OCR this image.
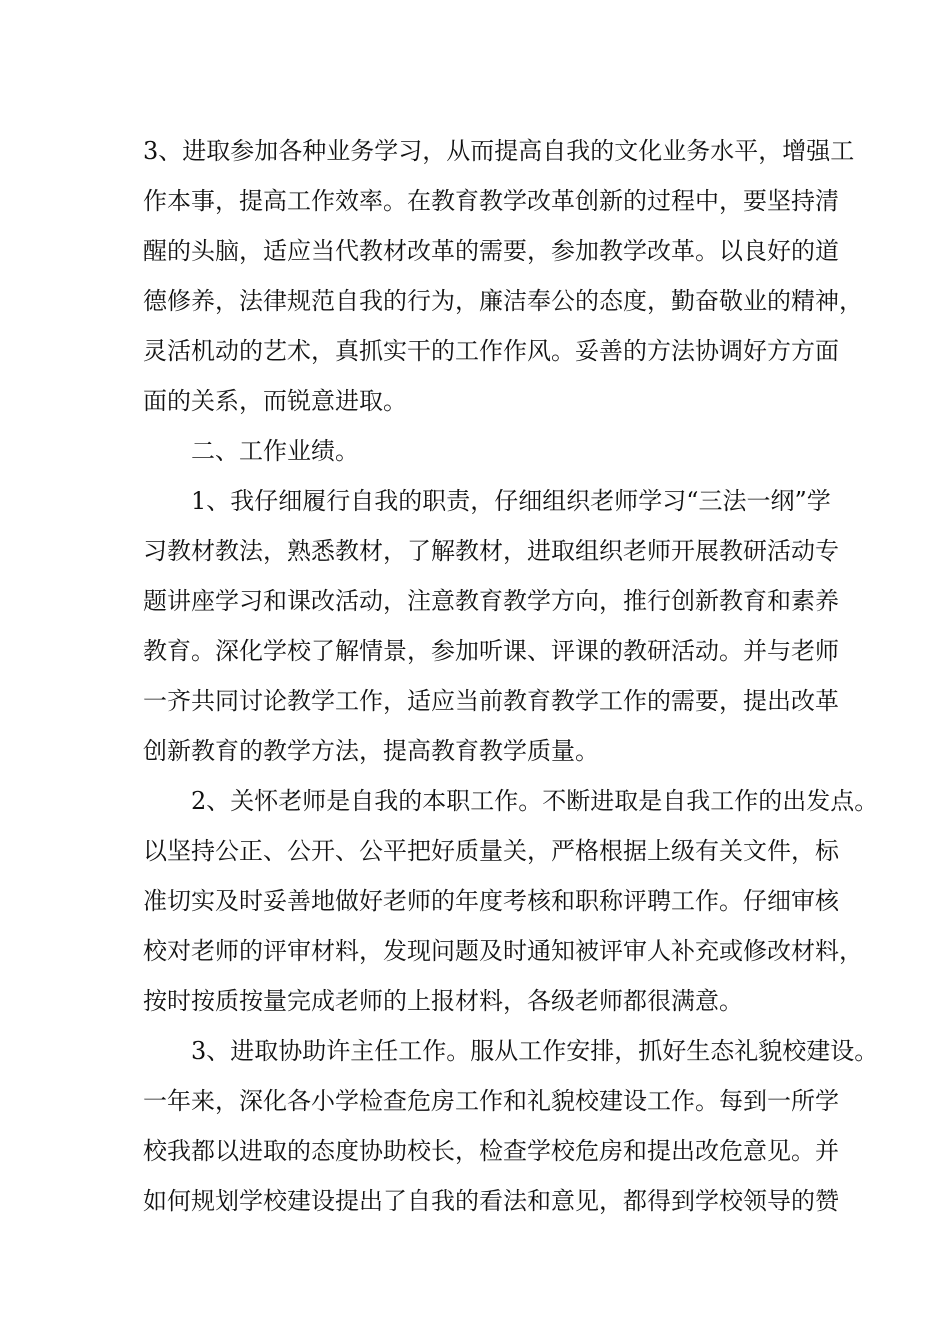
3、进取参加各种业务学习，从而提高自我的文化业务水平，增强工
作本事，提高工作效率。在教育教学改革创新的过程中，要坚持清
醒的头脑，适应当代教材改革的需要，参加教学改革。以良好的道
德修养，法律规范自我的行为，廉洁奉公的态度，勤奋敬业的精神，
灵活机动的艺术，真抓实干的工作作风。妥善的方法协调好方方面
面的关系，而锐意进取。
二、工作业绩。
1、我仔细履行自我的职责，仔细组织老师学习“三法一纲”学
习教材教法，熟悉教材，了解教材，进取组织老师开展教研活动专
题讲座学习和课改活动，注意教育教学方向，推行创新教育和素养
教育。深化学校了解情景，参加听课、评课的教研活动。并与老师
一齐共同讨论教学工作，适应当前教育教学工作的需要，提出改革
创新教育的教学方法，提高教育教学质量。
2、关怀老师是自我的本职工作。不断进取是自我工作的出发点。
以坚持公正、公开、公平把好质量关，严格根据上级有关文件，标
准切实及时妥善地做好老师的年度考核和职称评聘工作。仔细审核
校对老师的评审材料，发现问题及时通知被评审人补充或修改材料，
按时按质按量完成老师的上报材料，各级老师都很满意。
3、进取协助许主任工作。服从工作安排，抓好生态礼貌校建设。
一年来，深化各小学检查危房工作和礼貌校建设工作。每到一所学
校我都以进取的态度协助校长，检查学校危房和提出改危意见。并
如何规划学校建设提出了自我的看法和意见，都得到学校领导的赞
